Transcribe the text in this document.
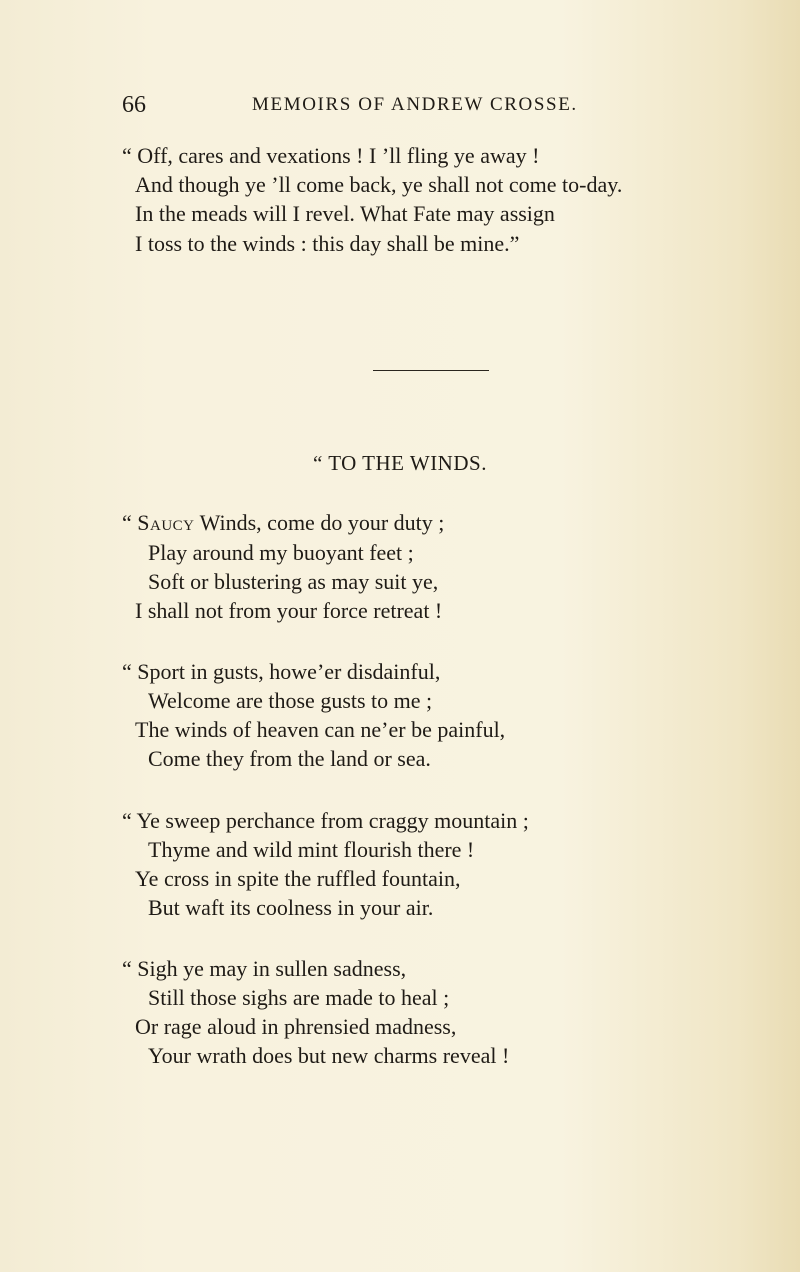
66	MEMOIRS OF ANDREW CROSSE.
“ Off, cares and vexations ! I ’ll fling ye away !
And though ye ’ll come back, ye shall not come to-day.
In the meads will I revel. What Fate may assign
I toss to the winds : this day shall be mine.”
“ TO THE WINDS.
“ Saucy Winds, come do your duty ;
Play around my buoyant feet ;
Soft or blustering as may suit ye,
I shall not from your force retreat !
“ Sport in gusts, howe’er disdainful,
Welcome are those gusts to me ;
The winds of heaven can ne’er be painful,
Come they from the land or sea.
“ Ye sweep perchance from craggy mountain ;
Thyme and wild mint flourish there !
Ye cross in spite the ruffled fountain,
But waft its coolness in your air.
“ Sigh ye may in sullen sadness,
Still those sighs are made to heal ;
Or rage aloud in phrensied madness,
Your wrath does but new charms reveal !
